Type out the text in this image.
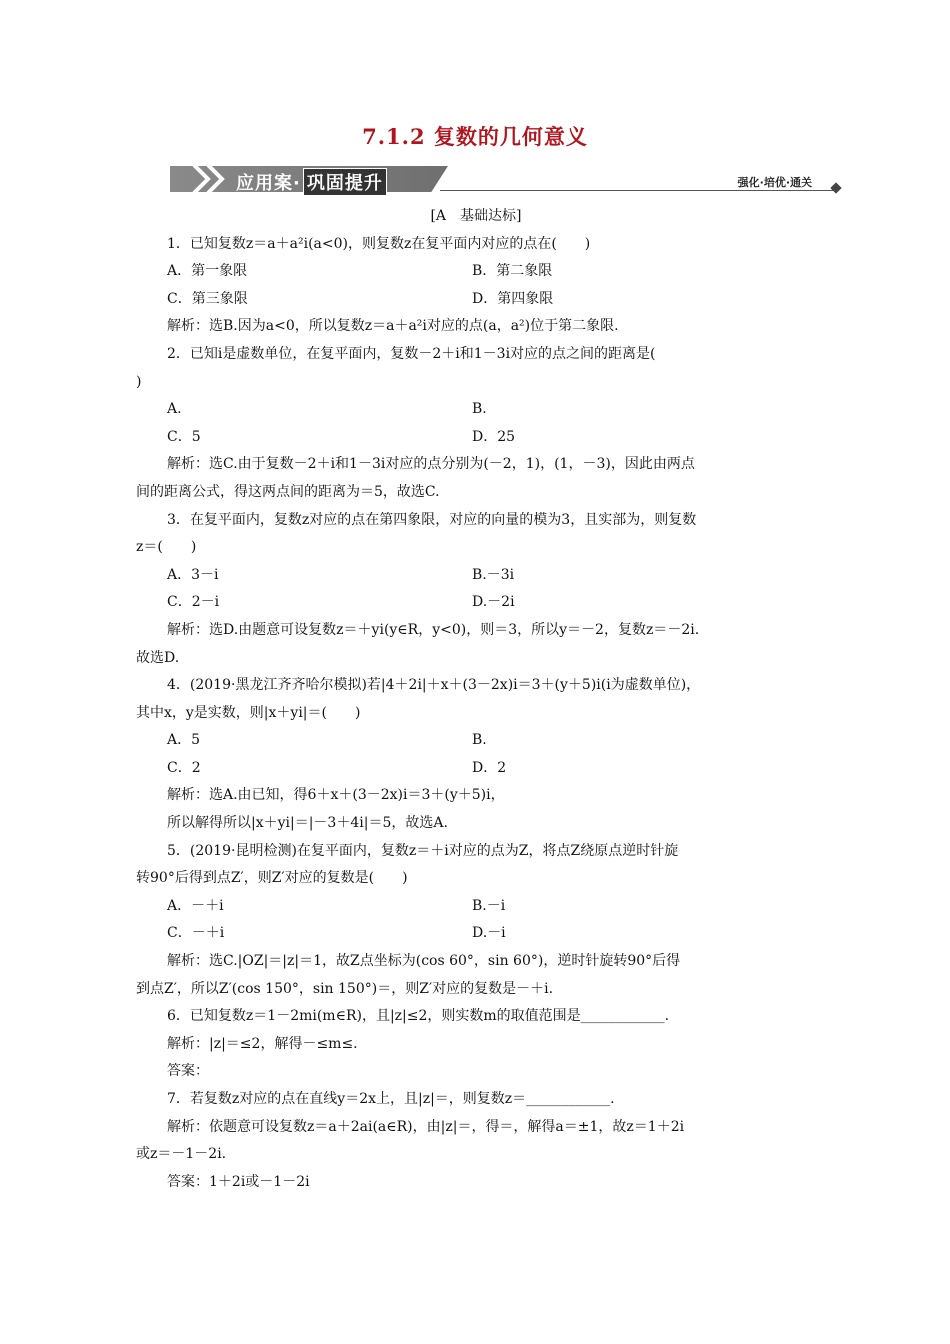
7.1.2 复数的几何意义
应用案· 巩固提升	强化·培优·通关
[A　基础达标]
1．已知复数z＝a＋a²i(a<0)，则复数z在复平面内对应的点在(　　)
A．第一象限	B．第二象限
C．第三象限	D．第四象限
解析：选B.因为a<0，所以复数z＝a＋a²i对应的点(a，a²)位于第二象限.
2．已知i是虚数单位，在复平面内，复数－2＋i和1－3i对应的点之间的距离是(
)
A.	B.
C．5	D．25
解析：选C.由于复数－2＋i和1－3i对应的点分别为(－2，1)，(1，－3)，因此由两点
间的距离公式，得这两点间的距离为＝5，故选C.
3．在复平面内，复数z对应的点在第四象限，对应的向量的模为3，且实部为，则复数
z＝(　　)
A．3－i	B.－3i
C．2－i	D.－2i
解析：选D.由题意可设复数z＝＋yi(y∈R，y<0)，则＝3，所以y＝－2，复数z＝－2i.
故选D.
4．(2019·黑龙江齐齐哈尔模拟)若|4＋2i|＋x＋(3－2x)i＝3＋(y＋5)i(i为虚数单位)，
其中x，y是实数，则|x＋yi|＝(　　)
A．5	B.
C．2	D．2
解析：选A.由已知，得6＋x＋(3－2x)i＝3＋(y＋5)i，
所以解得所以|x＋yi|＝|－3＋4i|＝5，故选A.
5．(2019·昆明检测)在复平面内，复数z＝＋i对应的点为Z，将点Z绕原点逆时针旋
转90°后得到点Z′，则Z′对应的复数是(　　)
A．－＋i	B.－i
C．－＋i	D.－i
解析：选C.|OZ|＝|z|＝1，故Z点坐标为(cos 60°，sin 60°)，逆时针旋转90°后得
到点Z′，所以Z′(cos 150°，sin 150°)＝，则Z′对应的复数是－＋i.
6．已知复数z＝1－2mi(m∈R)，且|z|≤2，则实数m的取值范围是____________.
解析：|z|＝≤2，解得－≤m≤.
答案：
7．若复数z对应的点在直线y＝2x上，且|z|＝，则复数z＝____________.
解析：依题意可设复数z＝a＋2ai(a∈R)，由|z|＝，得＝，解得a＝±1，故z＝1＋2i
或z＝－1－2i.
答案：1＋2i或－1－2i
